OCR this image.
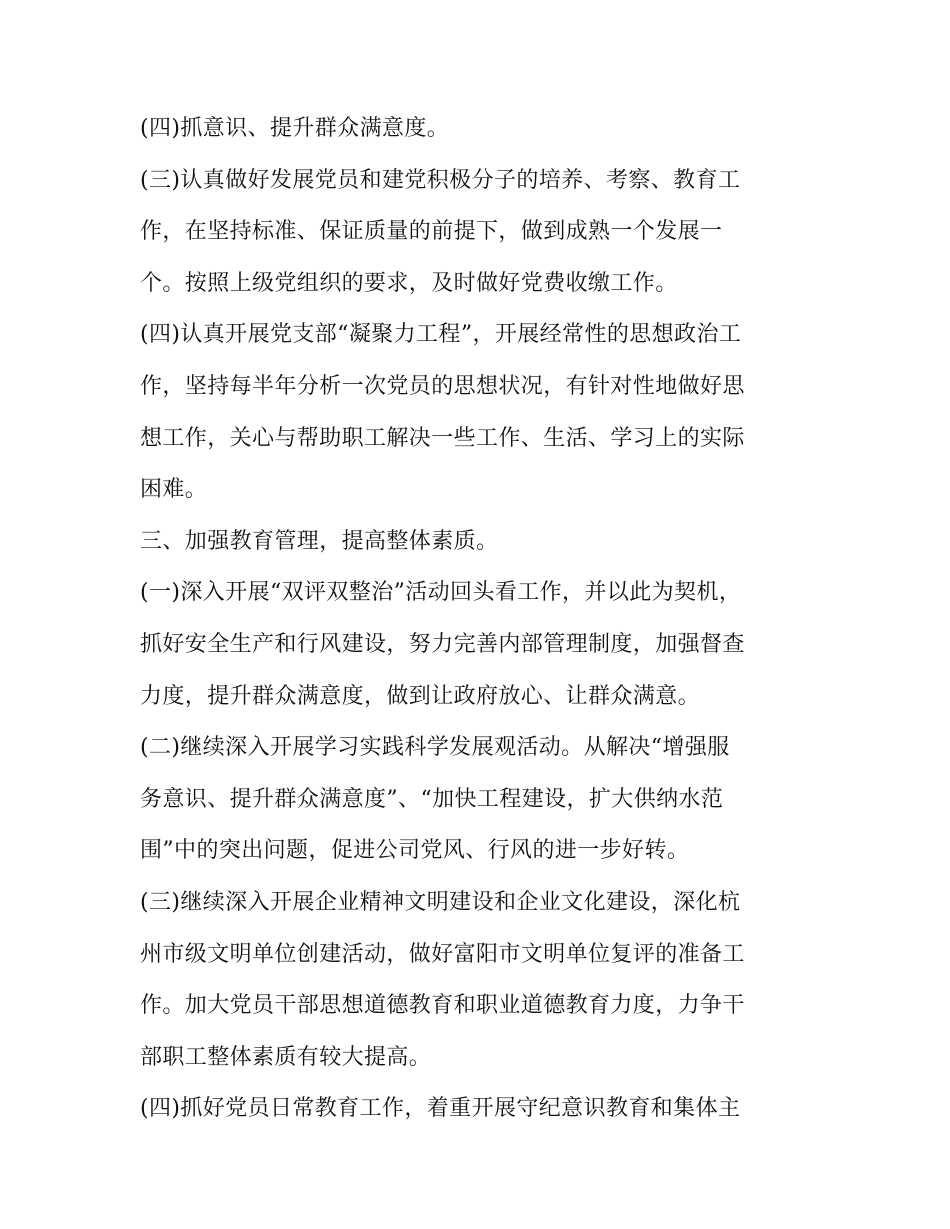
(四)抓意识、提升群众满意度。
(三)认真做好发展党员和建党积极分子的培养、考察、教育工
作，在坚持标准、保证质量的前提下，做到成熟一个发展一
个。按照上级党组织的要求，及时做好党费收缴工作。
(四)认真开展党支部“凝聚力工程”，开展经常性的思想政治工
作，坚持每半年分析一次党员的思想状况，有针对性地做好思
想工作，关心与帮助职工解决一些工作、生活、学习上的实际
困难。
三、加强教育管理，提高整体素质。
(一)深入开展“双评双整治”活动回头看工作，并以此为契机，
抓好安全生产和行风建设，努力完善内部管理制度，加强督查
力度，提升群众满意度，做到让政府放心、让群众满意。
(二)继续深入开展学习实践科学发展观活动。从解决“增强服
务意识、提升群众满意度”、“加快工程建设，扩大供纳水范
围”中的突出问题，促进公司党风、行风的进一步好转。
(三)继续深入开展企业精神文明建设和企业文化建设，深化杭
州市级文明单位创建活动，做好富阳市文明单位复评的准备工
作。加大党员干部思想道德教育和职业道德教育力度，力争干
部职工整体素质有较大提高。
(四)抓好党员日常教育工作，着重开展守纪意识教育和集体主
